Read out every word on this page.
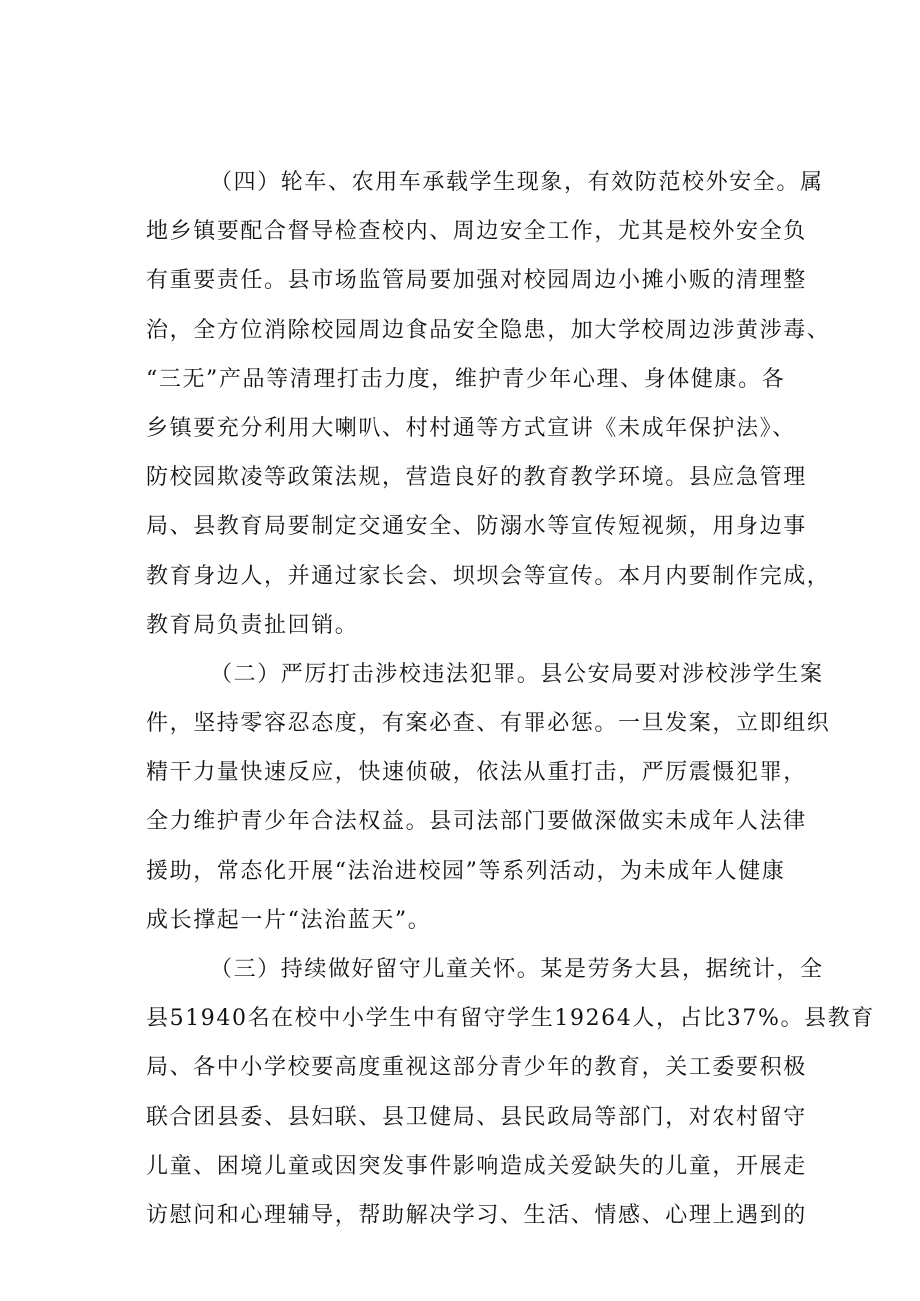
（四）轮车、农用车承载学生现象，有效防范校外安全。属
地乡镇要配合督导检查校内、周边安全工作，尤其是校外安全负
有重要责任。县市场监管局要加强对校园周边小摊小贩的清理整
治，全方位消除校园周边食品安全隐患，加大学校周边涉黄涉毒、
“三无”产品等清理打击力度，维护青少年心理、身体健康。各
乡镇要充分利用大喇叭、村村通等方式宣讲《未成年保护法》、
防校园欺凌等政策法规，营造良好的教育教学环境。县应急管理
局、县教育局要制定交通安全、防溺水等宣传短视频，用身边事
教育身边人，并通过家长会、坝坝会等宣传。本月内要制作完成，
教育局负责扯回销。
（二）严厉打击涉校违法犯罪。县公安局要对涉校涉学生案
件，坚持零容忍态度，有案必查、有罪必惩。一旦发案，立即组织
精干力量快速反应，快速侦破，依法从重打击，严厉震慑犯罪，
全力维护青少年合法权益。县司法部门要做深做实未成年人法律
援助，常态化开展“法治进校园”等系列活动，为未成年人健康
成长撑起一片“法治蓝天”。
（三）持续做好留守儿童关怀。某是劳务大县，据统计，全
县51940名在校中小学生中有留守学生19264人，占比37%。县教育
局、各中小学校要高度重视这部分青少年的教育，关工委要积极
联合团县委、县妇联、县卫健局、县民政局等部门，对农村留守
儿童、困境儿童或因突发事件影响造成关爱缺失的儿童，开展走
访慰问和心理辅导，帮助解决学习、生活、情感、心理上遇到的
